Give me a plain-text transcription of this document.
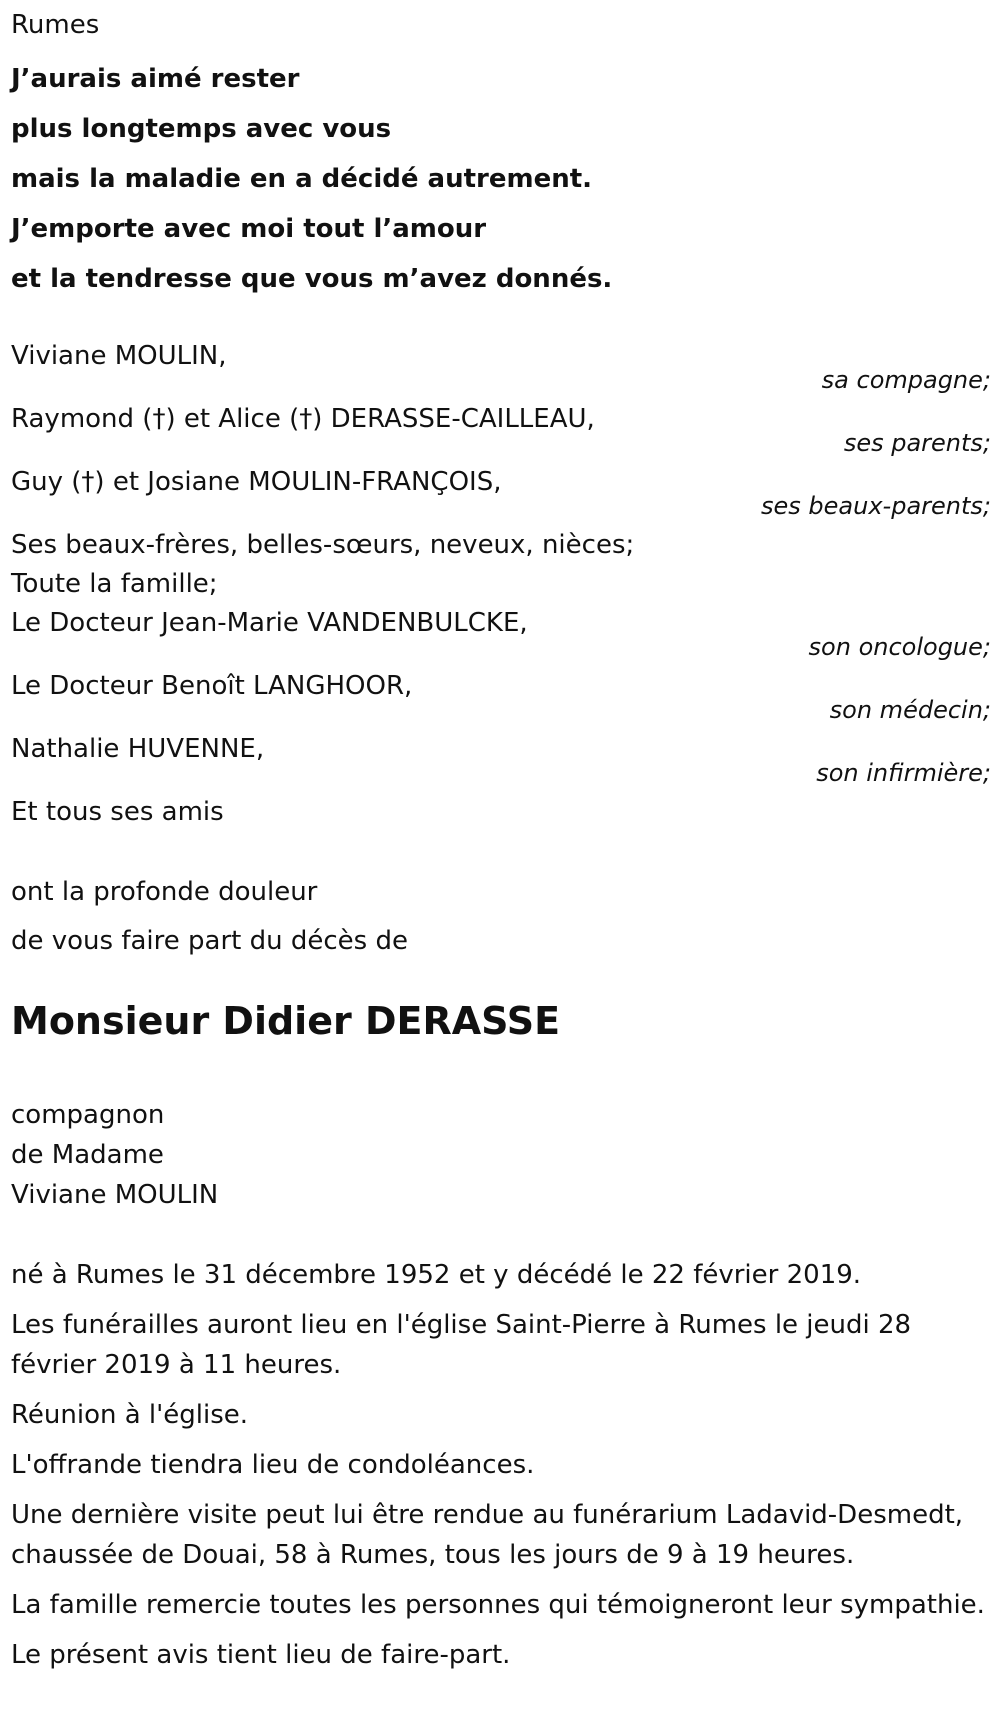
Rumes
J’aurais aimé rester
plus longtemps avec vous
mais la maladie en a décidé autrement.
J’emporte avec moi tout l’amour
et la tendresse que vous m’avez donnés.
Viviane MOULIN,
sa compagne;
Raymond (†) et Alice (†) DERASSE-CAILLEAU,
ses parents;
Guy (†) et Josiane MOULIN-FRANÇOIS,
ses beaux-parents;
Ses beaux-frères, belles-sœurs, neveux, nièces;
Toute la famille;
Le Docteur Jean-Marie VANDENBULCKE,
son oncologue;
Le Docteur Benoît LANGHOOR,
son médecin;
Nathalie HUVENNE,
son infirmière;
Et tous ses amis
ont la profonde douleur
de vous faire part du décès de
Monsieur Didier DERASSE
compagnon
de Madame
Viviane MOULIN
né à Rumes le 31 décembre 1952 et y décédé le 22 février 2019.
Les funérailles auront lieu en l'église Saint-Pierre à Rumes le jeudi 28 février 2019 à 11 heures.
Réunion à l'église.
L'offrande tiendra lieu de condoléances.
Une dernière visite peut lui être rendue au funérarium Ladavid-Desmedt, chaussée de Douai, 58 à Rumes, tous les jours de 9 à 19 heures.
La famille remercie toutes les personnes qui témoigneront leur sympathie.
Le présent avis tient lieu de faire-part.
